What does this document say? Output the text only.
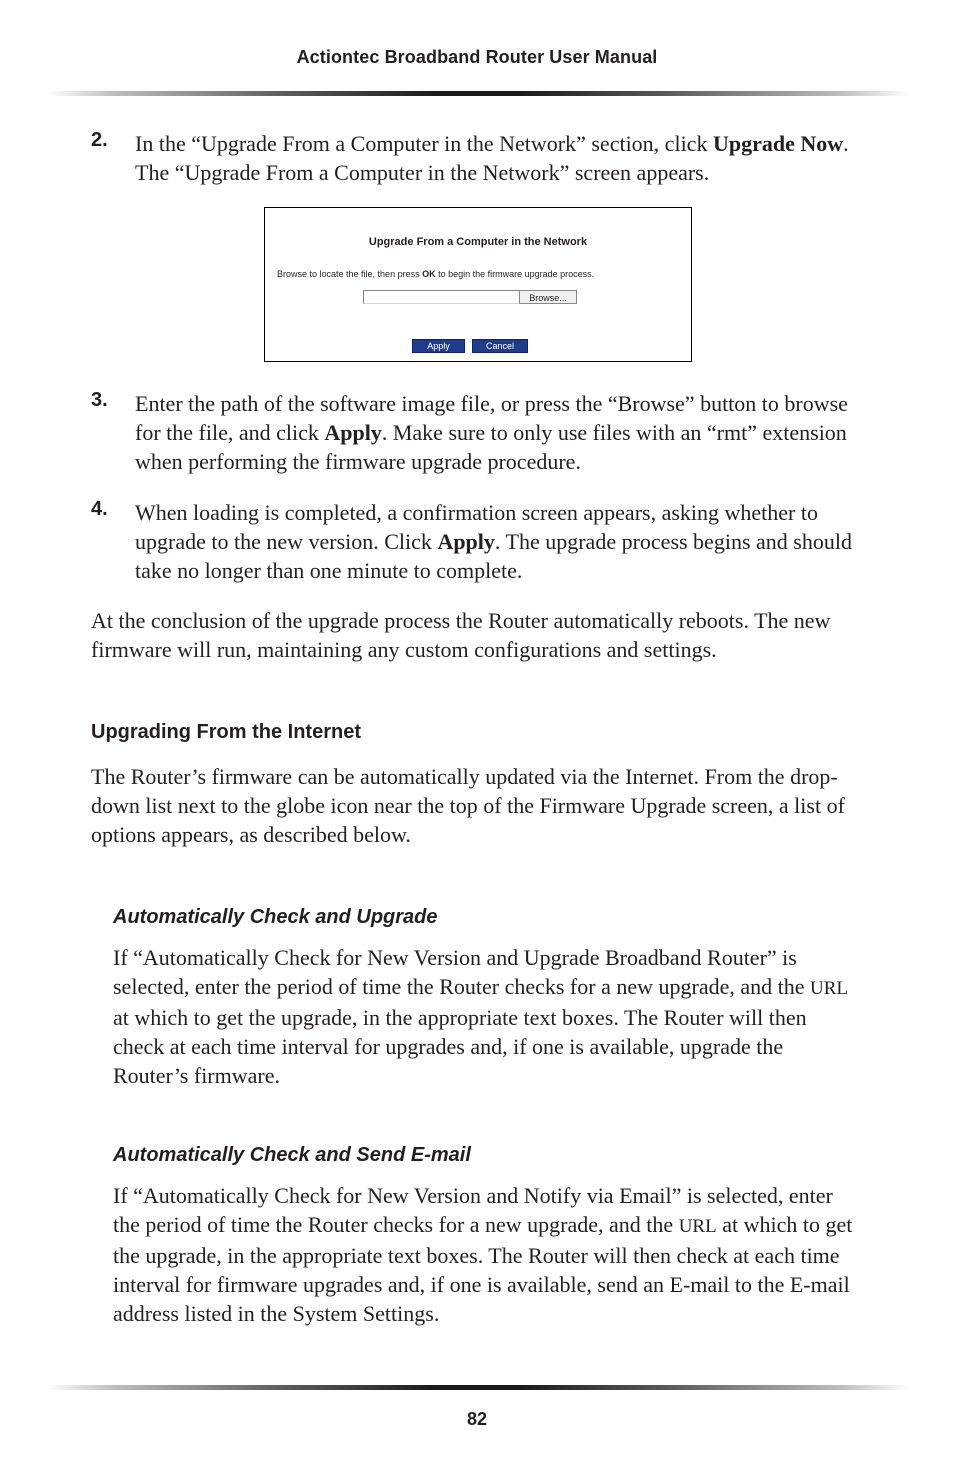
Actiontec Broadband Router User Manual
2. In the “Upgrade From a Computer in the Network” section, click Upgrade Now. The “Upgrade From a Computer in the Network” screen appears.
Upgrade From a Computer in the Network
Browse to locate the file, then press OK to begin the firmware upgrade process.
Browse...
Apply	Cancel
3. Enter the path of the software image file, or press the “Browse” button to browse for the file, and click Apply. Make sure to only use files with an “rmt” extension when performing the firmware upgrade procedure.
4. When loading is completed, a confirmation screen appears, asking whether to upgrade to the new version. Click Apply. The upgrade process begins and should take no longer than one minute to complete.

At the conclusion of the upgrade process the Router automatically reboots. The new firmware will run, maintaining any custom configurations and settings.

Upgrading From the Internet

The Router’s firmware can be automatically updated via the Internet. From the drop-down list next to the globe icon near the top of the Firmware Upgrade screen, a list of options appears, as described below.

Automatically Check and Upgrade

If “Automatically Check for New Version and Upgrade Broadband Router” is selected, enter the period of time the Router checks for a new upgrade, and the URL at which to get the upgrade, in the appropriate text boxes. The Router will then check at each time interval for upgrades and, if one is available, upgrade the Router’s firmware.

Automatically Check and Send E-mail

If “Automatically Check for New Version and Notify via Email” is selected, enter the period of time the Router checks for a new upgrade, and the URL at which to get the upgrade, in the appropriate text boxes. The Router will then check at each time interval for firmware upgrades and, if one is available, send an E-mail to the E-mail address listed in the System Settings.

82
